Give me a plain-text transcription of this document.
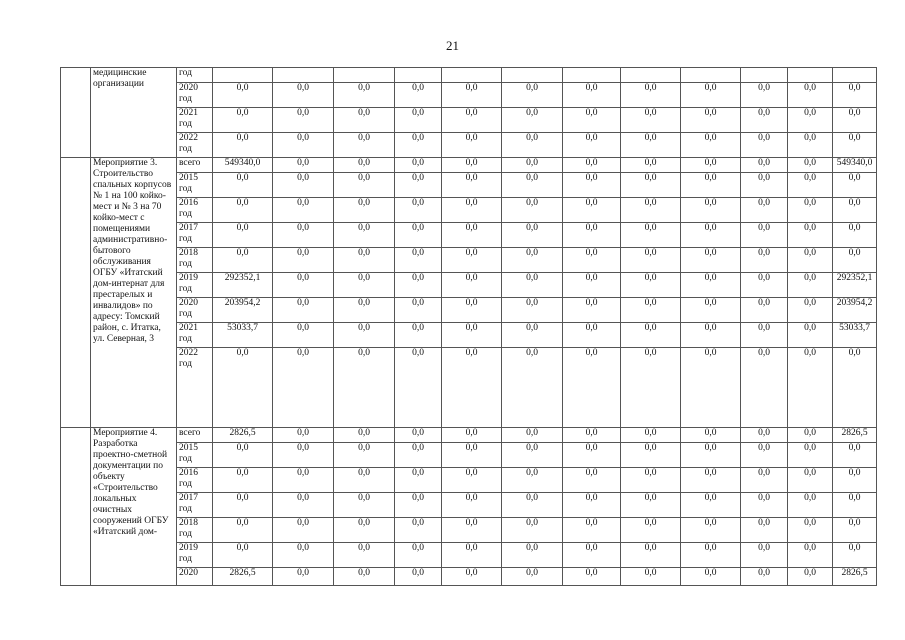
21
	медицинские организации	год												
		2020 год	0,0	0,0	0,0	0,0	0,0	0,0	0,0	0,0	0,0	0,0	0,0	0,0
		2021 год	0,0	0,0	0,0	0,0	0,0	0,0	0,0	0,0	0,0	0,0	0,0	0,0
		2022 год	0,0	0,0	0,0	0,0	0,0	0,0	0,0	0,0	0,0	0,0	0,0	0,0
	Мероприятие 3. Строительство спальных корпусов № 1 на 100 койко-мест и № 3 на 70 койко-мест с помещениями административно-бытового обслуживания ОГБУ «Итатский дом-интернат для престарелых и инвалидов» по адресу: Томский район, с. Итатка, ул. Северная, 3	всего	549340,0	0,0	0,0	0,0	0,0	0,0	0,0	0,0	0,0	0,0	0,0	549340,0
		2015 год	0,0	0,0	0,0	0,0	0,0	0,0	0,0	0,0	0,0	0,0	0,0	0,0
		2016 год	0,0	0,0	0,0	0,0	0,0	0,0	0,0	0,0	0,0	0,0	0,0	0,0
		2017 год	0,0	0,0	0,0	0,0	0,0	0,0	0,0	0,0	0,0	0,0	0,0	0,0
		2018 год	0,0	0,0	0,0	0,0	0,0	0,0	0,0	0,0	0,0	0,0	0,0	0,0
		2019 год	292352,1	0,0	0,0	0,0	0,0	0,0	0,0	0,0	0,0	0,0	0,0	292352,1
		2020 год	203954,2	0,0	0,0	0,0	0,0	0,0	0,0	0,0	0,0	0,0	0,0	203954,2
		2021 год	53033,7	0,0	0,0	0,0	0,0	0,0	0,0	0,0	0,0	0,0	0,0	53033,7
		2022 год	0,0	0,0	0,0	0,0	0,0	0,0	0,0	0,0	0,0	0,0	0,0	0,0
	Мероприятие 4. Разработка проектно-сметной документации по объекту «Строительство локальных очистных сооружений ОГБУ «Итатский дом-	всего	2826,5	0,0	0,0	0,0	0,0	0,0	0,0	0,0	0,0	0,0	0,0	2826,5
		2015 год	0,0	0,0	0,0	0,0	0,0	0,0	0,0	0,0	0,0	0,0	0,0	0,0
		2016 год	0,0	0,0	0,0	0,0	0,0	0,0	0,0	0,0	0,0	0,0	0,0	0,0
		2017 год	0,0	0,0	0,0	0,0	0,0	0,0	0,0	0,0	0,0	0,0	0,0	0,0
		2018 год	0,0	0,0	0,0	0,0	0,0	0,0	0,0	0,0	0,0	0,0	0,0	0,0
		2019 год	0,0	0,0	0,0	0,0	0,0	0,0	0,0	0,0	0,0	0,0	0,0	0,0
		2020	2826,5	0,0	0,0	0,0	0,0	0,0	0,0	0,0	0,0	0,0	0,0	2826,5
